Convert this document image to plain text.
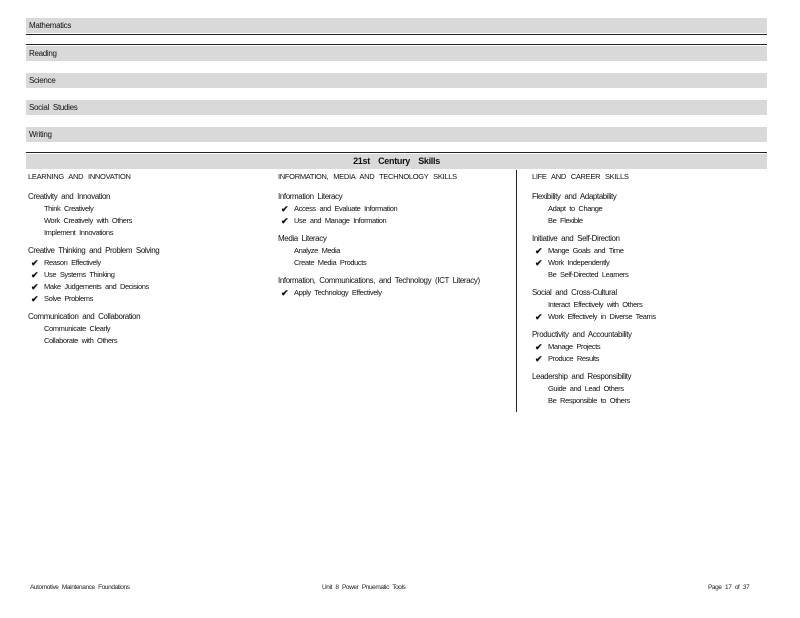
Mathematics
Reading
Science
Social Studies
Writing
21st Century Skills
LEARNING AND INNOVATION
Creativity and Innovation
Think Creatively
Work Creatively with Others
Implement Innovations
Creative Thinking and Problem Solving
✔ Reason Effectively
✔ Use Systems Thinking
✔ Make Judgements and Decisions
✔ Solve Problems
Communication and Collaboration
Communicate Clearly
Collaborate with Others
INFORMATION, MEDIA AND TECHNOLOGY SKILLS
Information Literacy
✔ Access and Evaluate Information
✔ Use and Manage Information
Media Literacy
Analyze Media
Create Media Products
Information, Communications, and Technology (ICT Literacy)
✔ Apply Technology Effectively
LIFE AND CAREER SKILLS
Flexibility and Adaptability
Adapt to Change
Be Flexible
Initiative and Self-Direction
✔ Mange Goals and Time
✔ Work Independently
Be Self-Directed Learners
Social and Cross-Cultural
Interact Effectively with Others
✔ Work Effectively in Diverse Teams
Productivity and Accountability
✔ Manage Projects
✔ Produce Results
Leadership and Responsibility
Guide and Lead Others
Be Responsible to Others
Automotive Maintenance Foundations	Unit 8 Power Pnuematic Tools	Page 17 of 37
